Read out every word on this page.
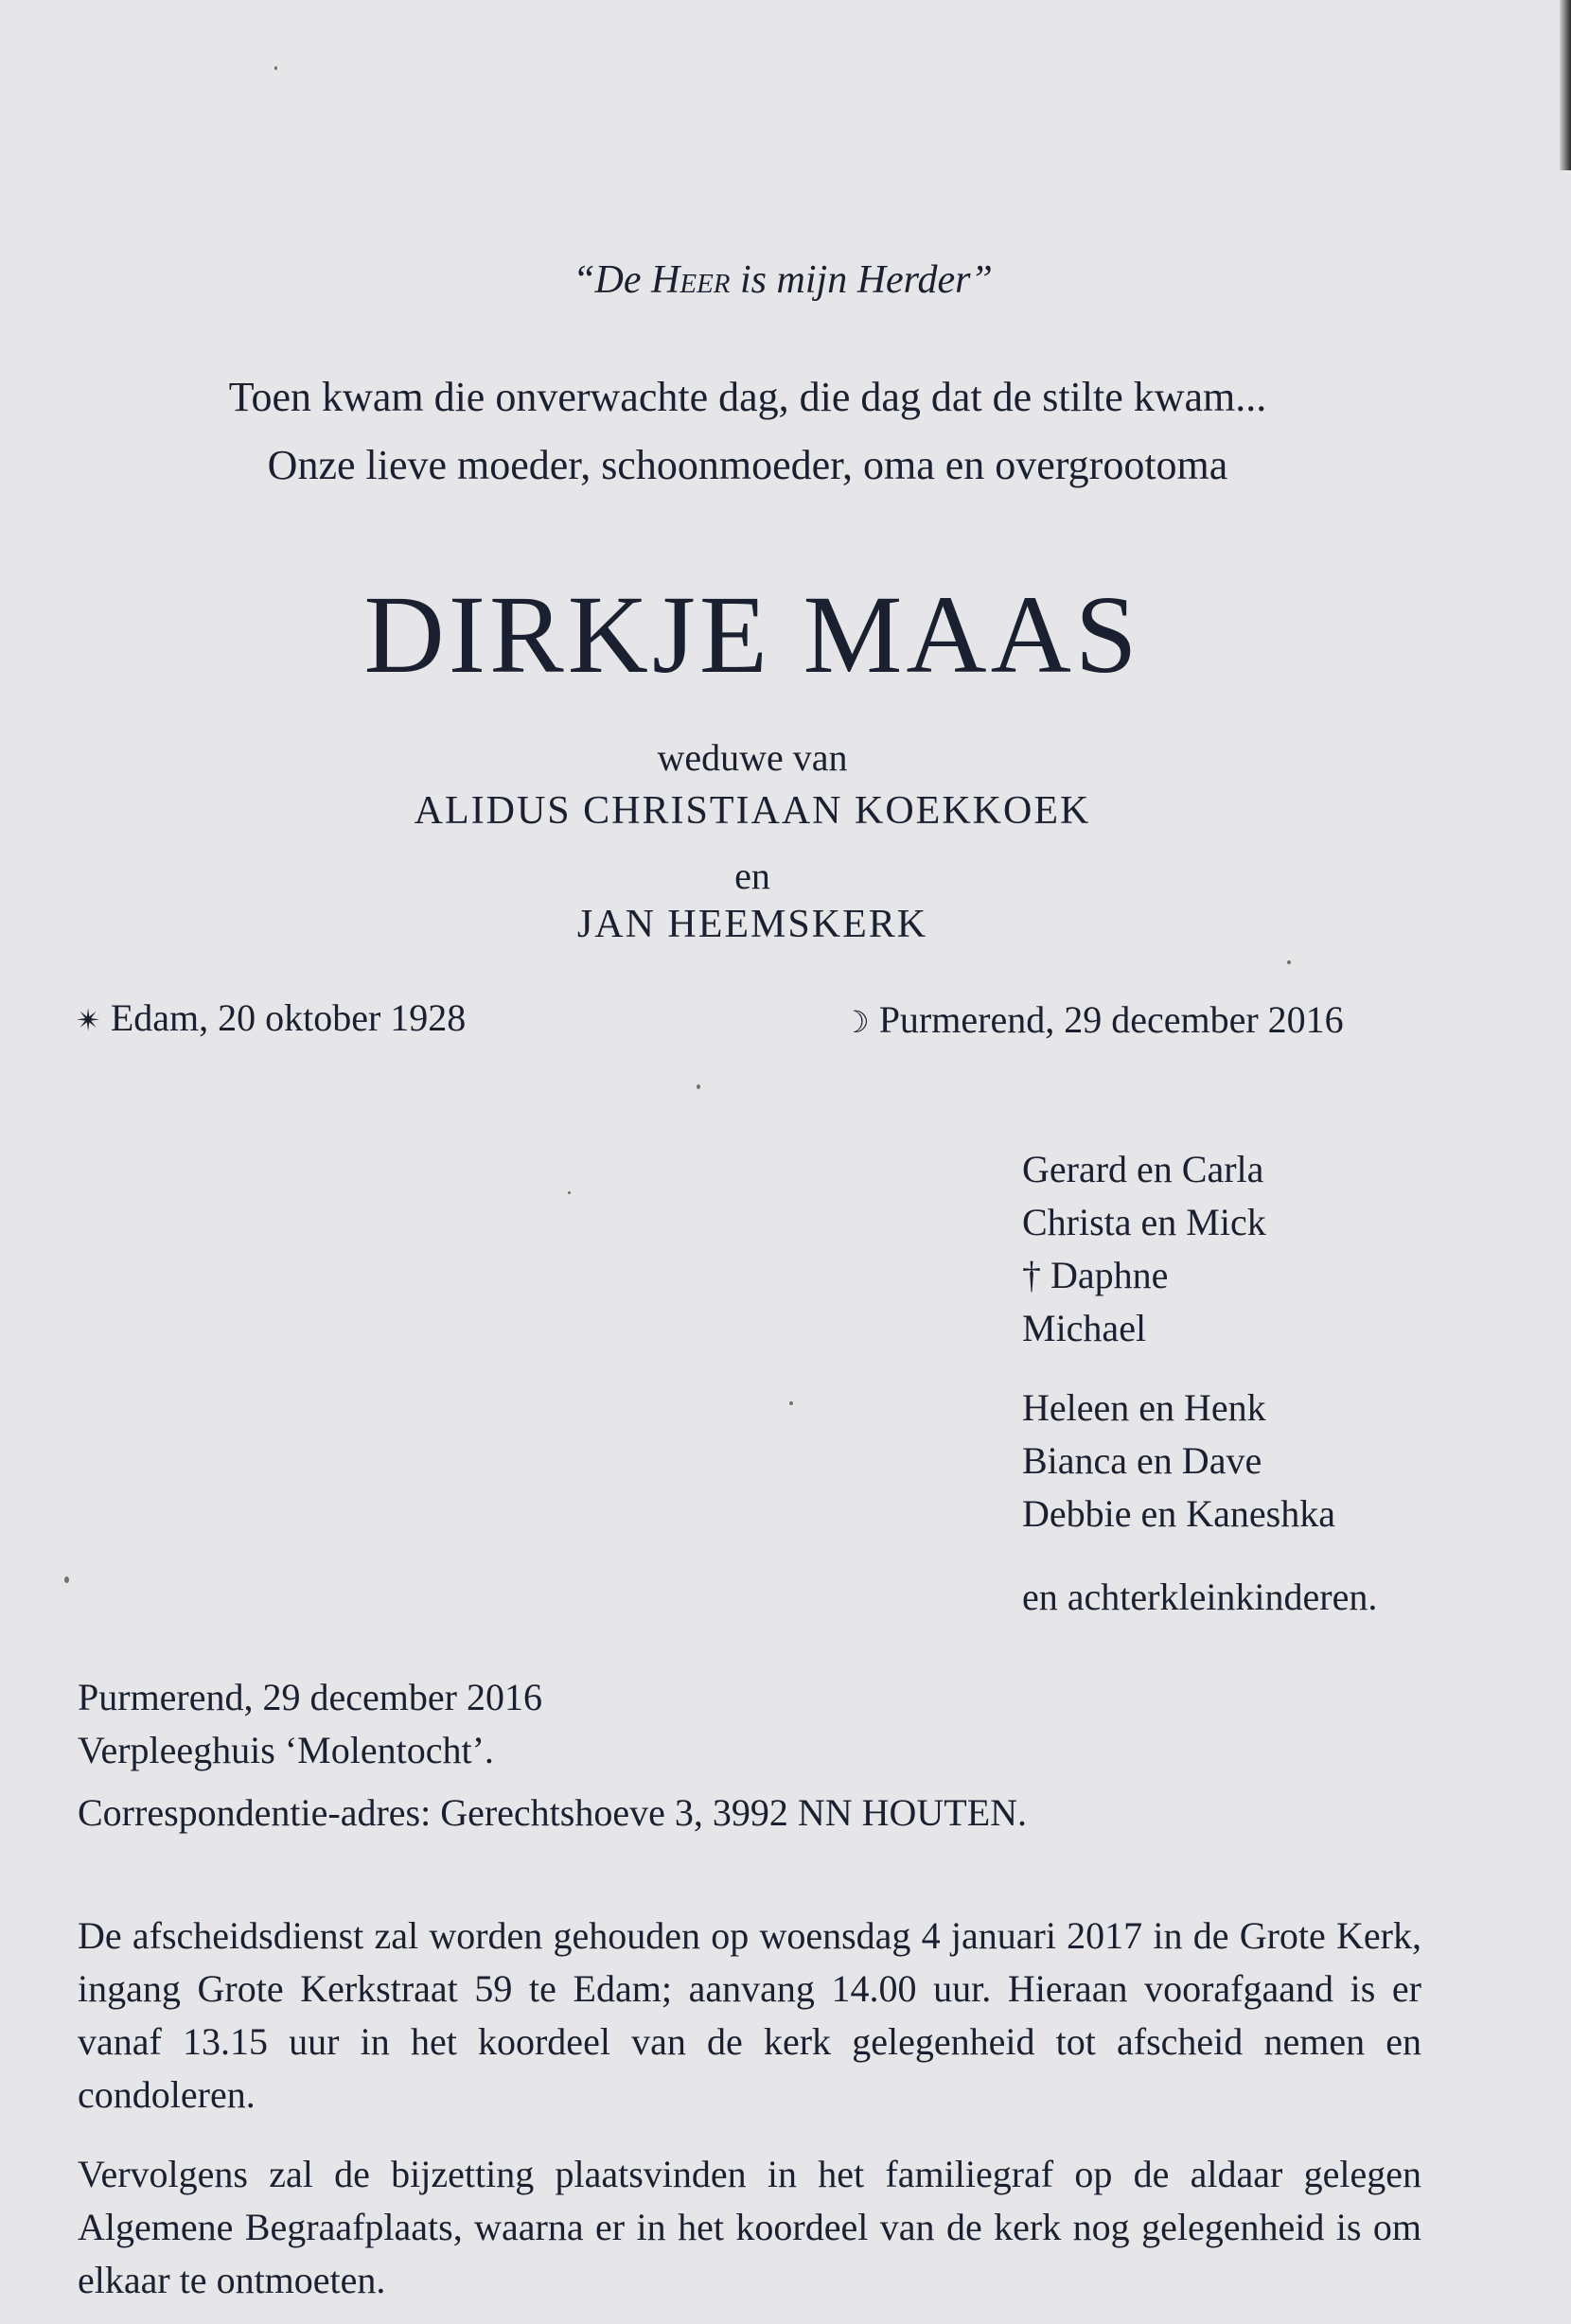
“De Heer is mijn Herder”
Toen kwam die onverwachte dag, die dag dat de stilte kwam...
Onze lieve moeder, schoonmoeder, oma en overgrootoma
DIRKJE MAAS
weduwe van
ALIDUS CHRISTIAAN KOEKKOEK
en
JAN HEEMSKERK
✴ Edam, 20 oktober 1928	☽ Purmerend, 29 december 2016
Gerard en Carla
Christa en Mick
† Daphne
Michael
Heleen en Henk
Bianca en Dave
Debbie en Kaneshka
en achterkleinkinderen.
Purmerend, 29 december 2016
Verpleeghuis ‘Molentocht’.
Correspondentie-adres: Gerechtshoeve 3, 3992 NN HOUTEN.
De afscheidsdienst zal worden gehouden op woensdag 4 januari 2017 in de Grote Kerk, ingang Grote Kerkstraat 59 te Edam; aanvang 14.00 uur. Hieraan voorafgaand is er vanaf 13.15 uur in het koordeel van de kerk gelegenheid tot afscheid nemen en condoleren.
Vervolgens zal de bijzetting plaatsvinden in het familiegraf op de aldaar gelegen Algemene Begraafplaats, waarna er in het koordeel van de kerk nog gelegenheid is om elkaar te ontmoeten.
